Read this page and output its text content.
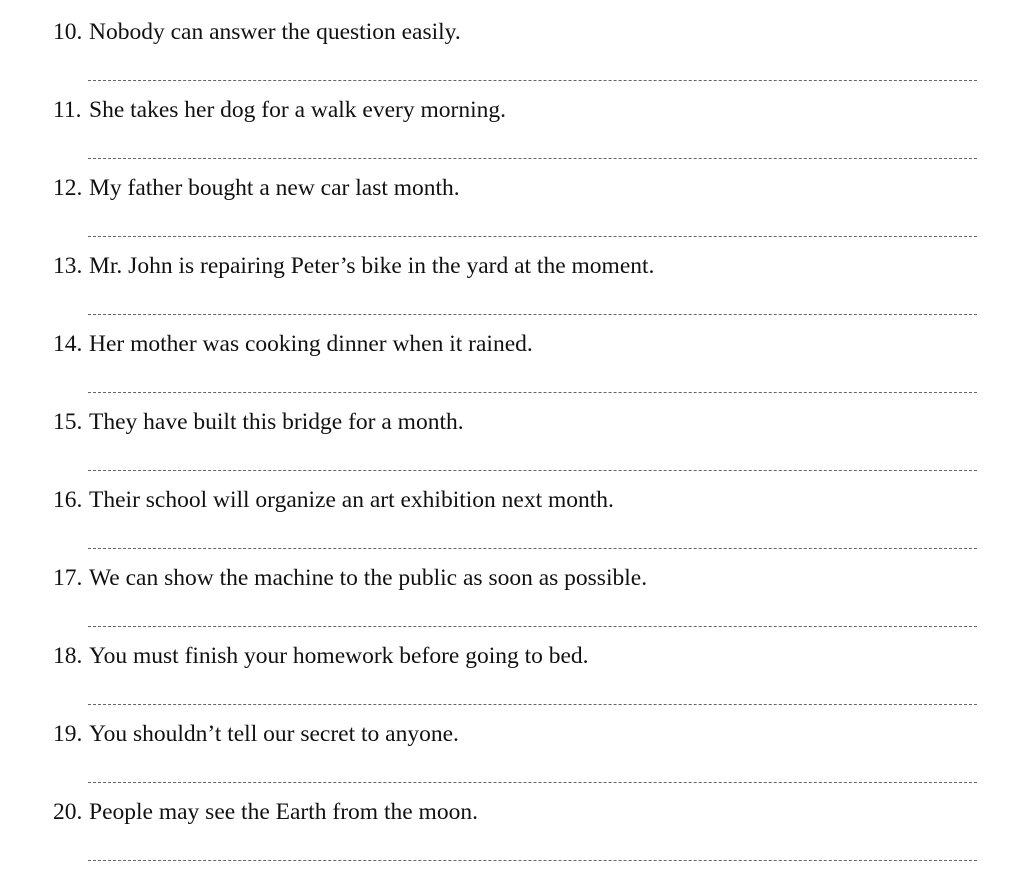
10. Nobody can answer the question easily.
11. She takes her dog for a walk every morning.
12. My father bought a new car last month.
13. Mr. John is repairing Peter’s bike in the yard at the moment.
14. Her mother was cooking dinner when it rained.
15. They have built this bridge for a month.
16. Their school will organize an art exhibition next month.
17. We can show the machine to the public as soon as possible.
18. You must finish your homework before going to bed.
19. You shouldn’t tell our secret to anyone.
20. People may see the Earth from the moon.
